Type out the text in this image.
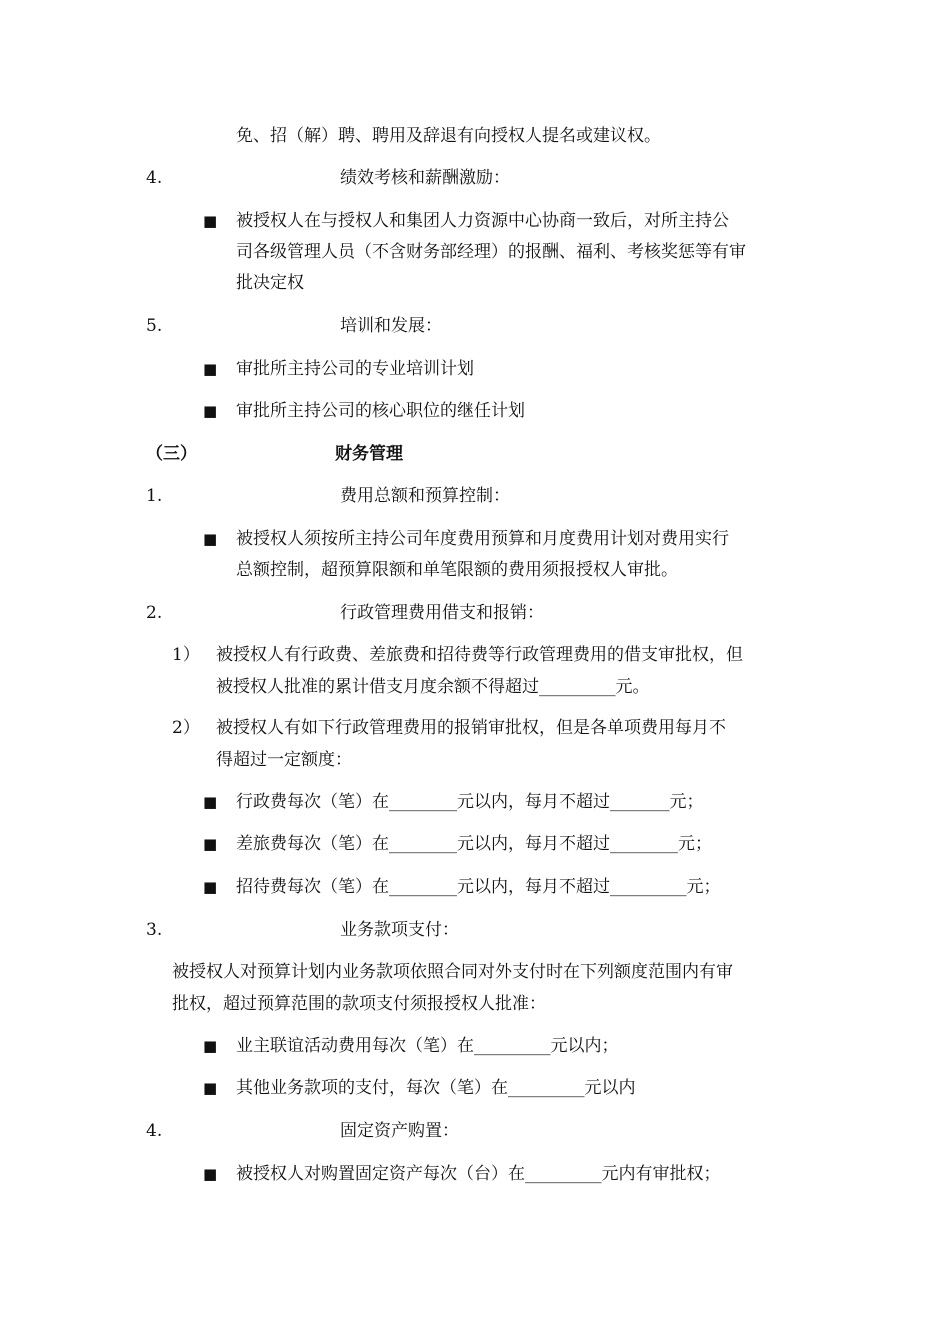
免、招（解）聘、聘用及辞退有向授权人提名或建议权。
4.	绩效考核和薪酬激励：
■ 被授权人在与授权人和集团人力资源中心协商一致后，对所主持公
司各级管理人员（不含财务部经理）的报酬、福利、考核奖惩等有审
批决定权
5.	培训和发展：
■ 审批所主持公司的专业培训计划
■ 审批所主持公司的核心职位的继任计划
（三）	财务管理
1.	费用总额和预算控制：
■ 被授权人须按所主持公司年度费用预算和月度费用计划对费用实行
总额控制，超预算限额和单笔限额的费用须报授权人审批。
2.	行政管理费用借支和报销：
1） 被授权人有行政费、差旅费和招待费等行政管理费用的借支审批权，但
被授权人批准的累计借支月度余额不得超过_________元。
2） 被授权人有如下行政管理费用的报销审批权，但是各单项费用每月不
得超过一定额度：
■ 行政费每次（笔）在________元以内，每月不超过_______元；
■ 差旅费每次（笔）在________元以内，每月不超过________元；
■ 招待费每次（笔）在________元以内，每月不超过_________元；
3.	业务款项支付：
被授权人对预算计划内业务款项依照合同对外支付时在下列额度范围内有审
批权，超过预算范围的款项支付须报授权人批准：
■ 业主联谊活动费用每次（笔）在_________元以内；
■ 其他业务款项的支付，每次（笔）在_________元以内
4.	固定资产购置：
■ 被授权人对购置固定资产每次（台）在_________元内有审批权；
